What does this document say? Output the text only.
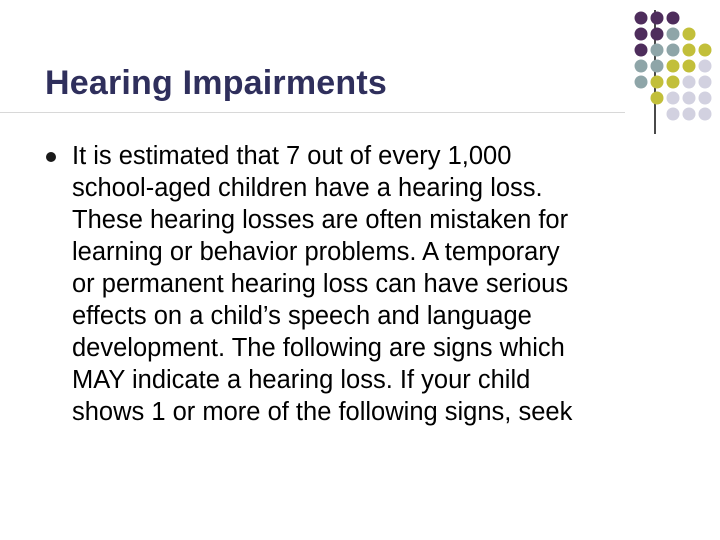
Hearing Impairments
It is estimated that 7 out of every 1,000
school-aged children have a hearing loss.
These hearing losses are often mistaken for
learning or behavior problems. A temporary
or permanent hearing loss can have serious
effects on a child’s speech and language
development. The following are signs which
MAY indicate a hearing loss. If your child
shows 1 or more of the following signs, seek
